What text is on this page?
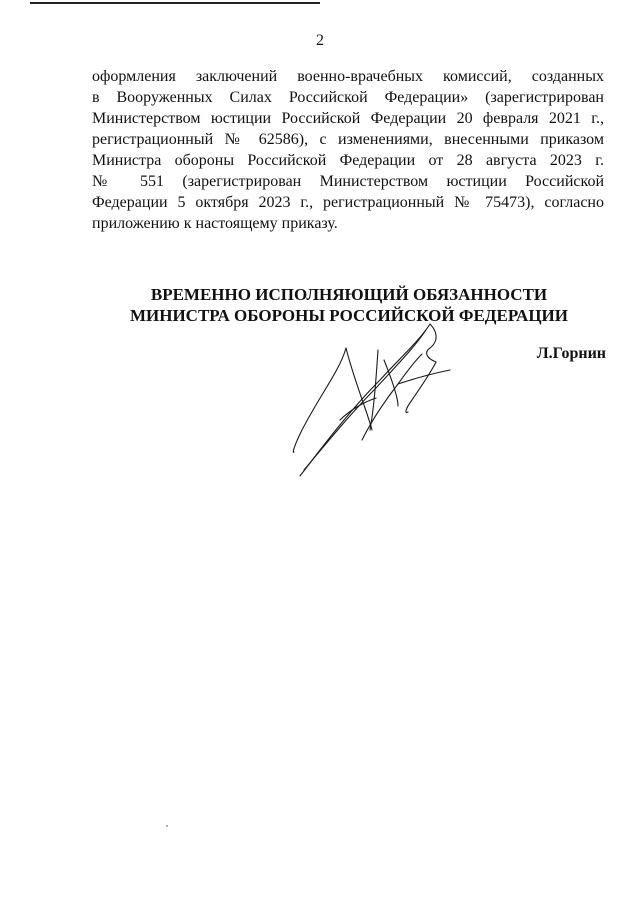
2
оформления заключений военно-врачебных комиссий, созданных
в Вооруженных Силах Российской Федерации» (зарегистрирован
Министерством юстиции Российской Федерации 20 февраля 2021 г.,
регистрационный № 62586), с изменениями, внесенными приказом
Министра обороны Российской Федерации от 28 августа 2023 г.
№ 551 (зарегистрирован Министерством юстиции Российской
Федерации 5 октября 2023 г., регистрационный № 75473), согласно
приложению к настоящему приказу.
ВРЕМЕННО ИСПОЛНЯЮЩИЙ ОБЯЗАННОСТИ
МИНИСТРА ОБОРОНЫ РОССИЙСКОЙ ФЕДЕРАЦИИ
Л.Горнин
